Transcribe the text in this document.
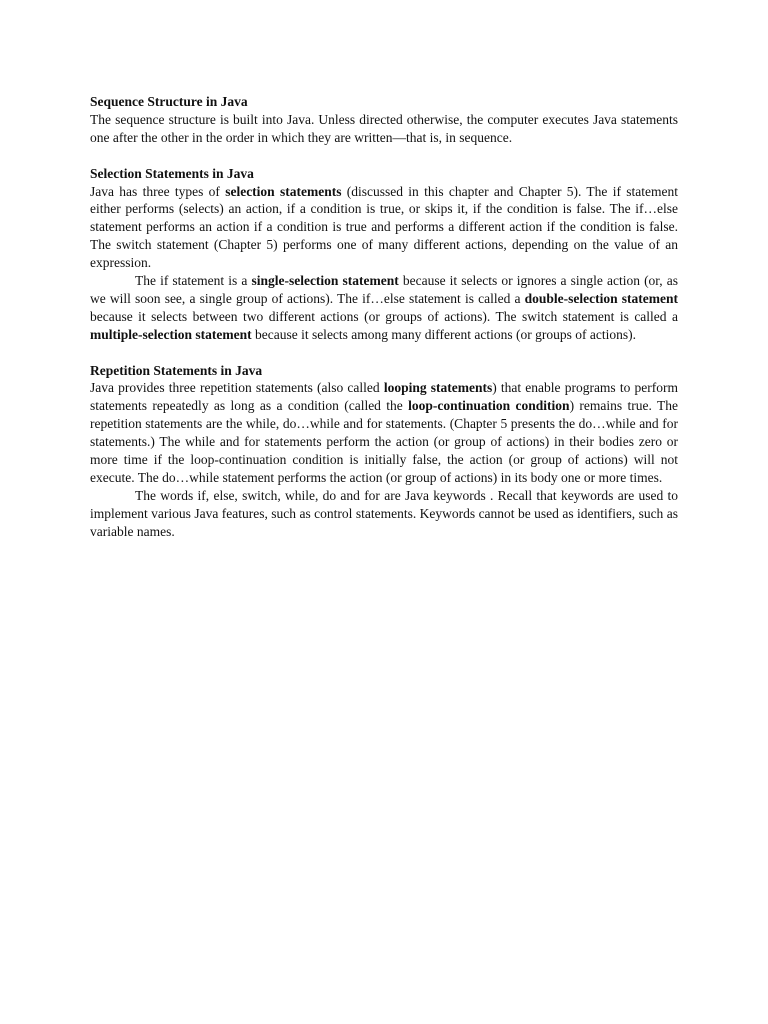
Sequence Structure in Java
The sequence structure is built into Java. Unless directed otherwise, the computer executes Java statements one after the other in the order in which they are written—that is, in sequence.
Selection Statements in Java
Java has three types of selection statements (discussed in this chapter and Chapter 5). The if statement either performs (selects) an action, if a condition is true, or skips it, if the condition is false. The if…else statement performs an action if a condition is true and performs a different action if the condition is false. The switch statement (Chapter 5) performs one of many different actions, depending on the value of an expression.
The if statement is a single-selection statement because it selects or ignores a single action (or, as we will soon see, a single group of actions). The if…else statement is called a double-selection statement because it selects between two different actions (or groups of actions). The switch statement is called a multiple-selection statement because it selects among many different actions (or groups of actions).
Repetition Statements in Java
Java provides three repetition statements (also called looping statements) that enable programs to perform statements repeatedly as long as a condition (called the loop-continuation condition) remains true. The repetition statements are the while, do…while and for statements. (Chapter 5 presents the do…while and for statements.) The while and for statements perform the action (or group of actions) in their bodies zero or more time if the loop-continuation condition is initially false, the action (or group of actions) will not execute. The do…while statement performs the action (or group of actions) in its body one or more times.
The words if, else, switch, while, do and for are Java keywords . Recall that keywords are used to implement various Java features, such as control statements. Keywords cannot be used as identifiers, such as variable names.
